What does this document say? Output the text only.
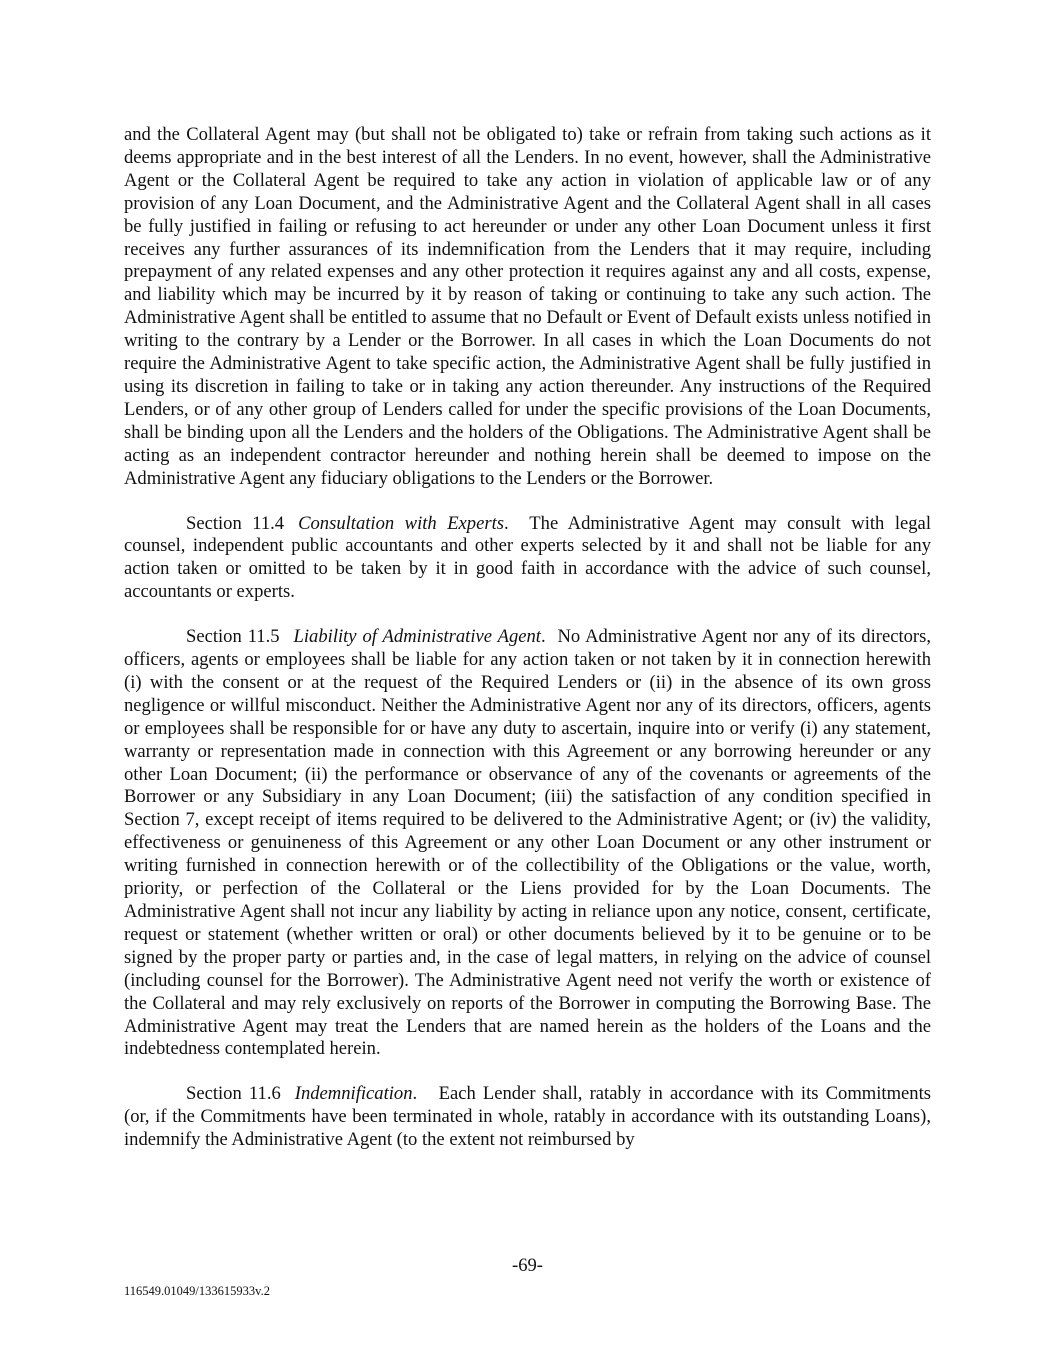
and the Collateral Agent may (but shall not be obligated to) take or refrain from taking such actions as it deems appropriate and in the best interest of all the Lenders. In no event, however, shall the Administrative Agent or the Collateral Agent be required to take any action in violation of applicable law or of any provision of any Loan Document, and the Administrative Agent and the Collateral Agent shall in all cases be fully justified in failing or refusing to act hereunder or under any other Loan Document unless it first receives any further assurances of its indemnification from the Lenders that it may require, including prepayment of any related expenses and any other protection it requires against any and all costs, expense, and liability which may be incurred by it by reason of taking or continuing to take any such action. The Administrative Agent shall be entitled to assume that no Default or Event of Default exists unless notified in writing to the contrary by a Lender or the Borrower. In all cases in which the Loan Documents do not require the Administrative Agent to take specific action, the Administrative Agent shall be fully justified in using its discretion in failing to take or in taking any action thereunder. Any instructions of the Required Lenders, or of any other group of Lenders called for under the specific provisions of the Loan Documents, shall be binding upon all the Lenders and the holders of the Obligations. The Administrative Agent shall be acting as an independent contractor hereunder and nothing herein shall be deemed to impose on the Administrative Agent any fiduciary obligations to the Lenders or the Borrower.

Section 11.4 Consultation with Experts.  The Administrative Agent may consult with legal counsel, independent public accountants and other experts selected by it and shall not be liable for any action taken or omitted to be taken by it in good faith in accordance with the advice of such counsel, accountants or experts.

Section 11.5 Liability of Administrative Agent.  No Administrative Agent nor any of its directors, officers, agents or employees shall be liable for any action taken or not taken by it in connection herewith (i) with the consent or at the request of the Required Lenders or (ii) in the absence of its own gross negligence or willful misconduct. Neither the Administrative Agent nor any of its directors, officers, agents or employees shall be responsible for or have any duty to ascertain, inquire into or verify (i) any statement, warranty or representation made in connection with this Agreement or any borrowing hereunder or any other Loan Document; (ii) the performance or observance of any of the covenants or agreements of the Borrower or any Subsidiary in any Loan Document; (iii) the satisfaction of any condition specified in Section 7, except receipt of items required to be delivered to the Administrative Agent; or (iv) the validity, effectiveness or genuineness of this Agreement or any other Loan Document or any other instrument or writing furnished in connection herewith or of the collectibility of the Obligations or the value, worth, priority, or perfection of the Collateral or the Liens provided for by the Loan Documents. The Administrative Agent shall not incur any liability by acting in reliance upon any notice, consent, certificate, request or statement (whether written or oral) or other documents believed by it to be genuine or to be signed by the proper party or parties and, in the case of legal matters, in relying on the advice of counsel (including counsel for the Borrower). The Administrative Agent need not verify the worth or existence of the Collateral and may rely exclusively on reports of the Borrower in computing the Borrowing Base. The Administrative Agent may treat the Lenders that are named herein as the holders of the Loans and the indebtedness contemplated herein.

Section 11.6 Indemnification.   Each Lender shall, ratably in accordance with its Commitments (or, if the Commitments have been terminated in whole, ratably in accordance with its outstanding Loans), indemnify the Administrative Agent (to the extent not reimbursed by

-69-
116549.01049/133615933v.2
